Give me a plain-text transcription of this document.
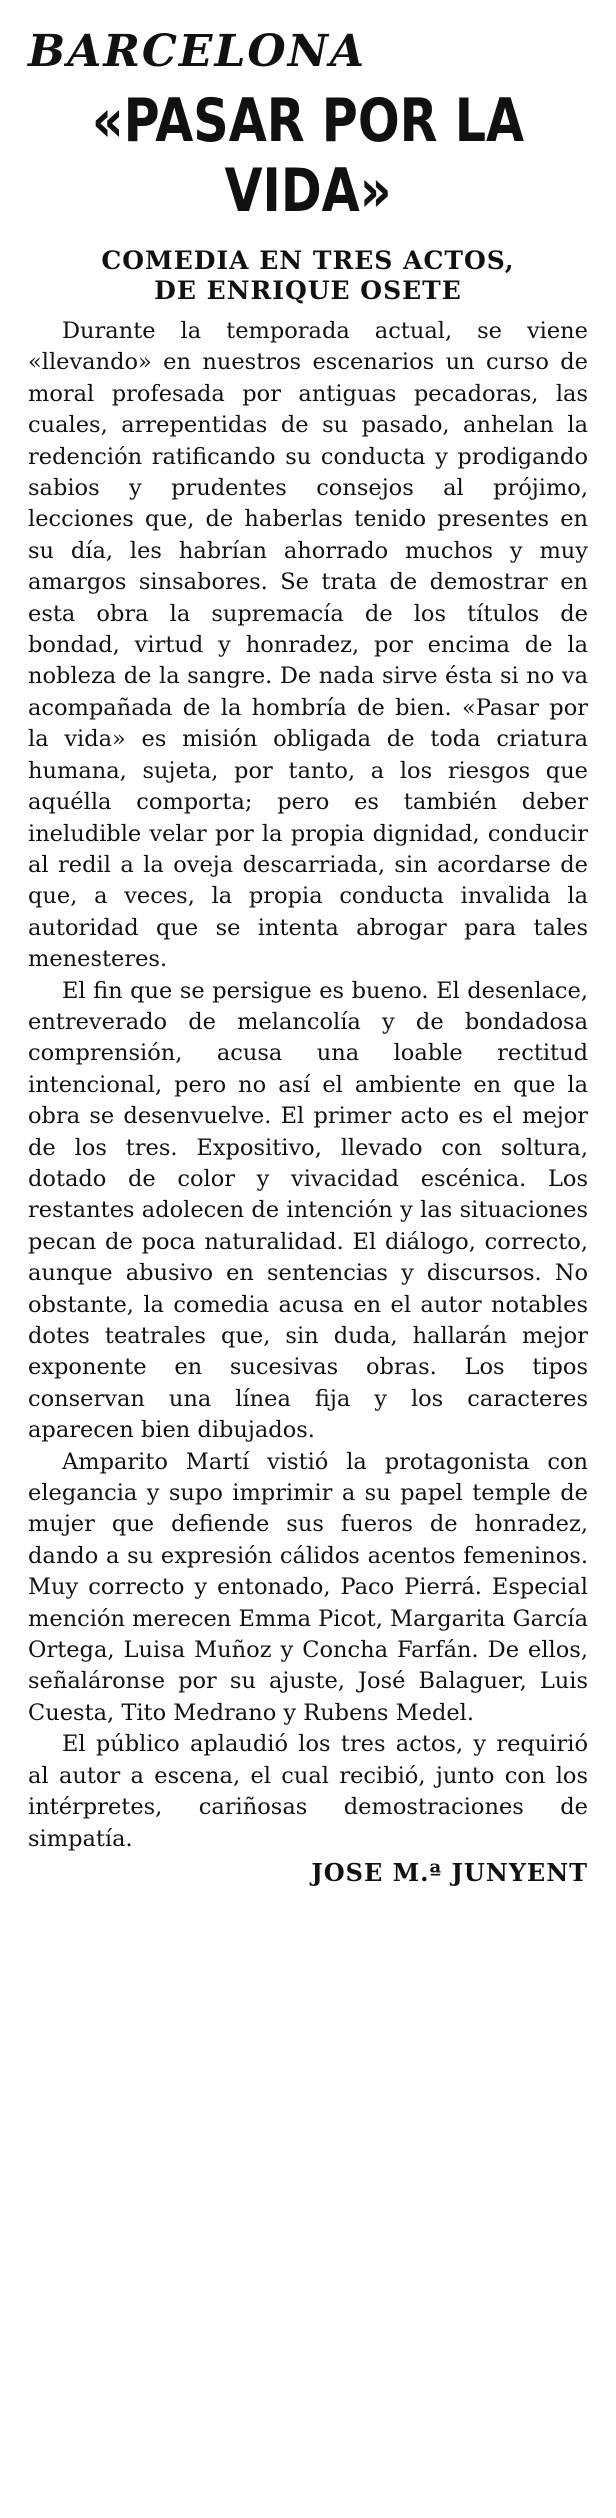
BARCELONA
«PASAR POR LA VIDA»
COMEDIA EN TRES ACTOS,
DE ENRIQUE OSETE

Durante la temporada actual, se viene «llevando» en nuestros escenarios un curso de moral profesada por antiguas pecadoras, las cuales, arrepentidas de su pasado, anhelan la redención ratificando su conducta y prodigando sabios y prudentes consejos al prójimo, lecciones que, de haberlas tenido presentes en su día, les habrían ahorrado muchos y muy amargos sinsabores. Se trata de demostrar en esta obra la supremacía de los títulos de bondad, virtud y honradez, por encima de la nobleza de la sangre. De nada sirve ésta si no va acompañada de la hombría de bien. «Pasar por la vida» es misión obligada de toda criatura humana, sujeta, por tanto, a los riesgos que aquélla comporta; pero es también deber ineludible velar por la propia dignidad, conducir al redil a la oveja descarriada, sin acordarse de que, a veces, la propia conducta invalida la autoridad que se intenta abrogar para tales menesteres.

El fin que se persigue es bueno. El desenlace, entreverado de melancolía y de bondadosa comprensión, acusa una loable rectitud intencional, pero no así el ambiente en que la obra se desenvuelve. El primer acto es el mejor de los tres. Expositivo, llevado con soltura, dotado de color y vivacidad escénica. Los restantes adolecen de intención y las situaciones pecan de poca naturalidad. El diálogo, correcto, aunque abusivo en sentencias y discursos. No obstante, la comedia acusa en el autor notables dotes teatrales que, sin duda, hallarán mejor exponente en sucesivas obras. Los tipos conservan una línea fija y los caracteres aparecen bien dibujados.

Amparito Martí vistió la protagonista con elegancia y supo imprimir a su papel temple de mujer que defiende sus fueros de honradez, dando a su expresión cálidos acentos femeninos. Muy correcto y entonado, Paco Pierrá. Especial mención merecen Emma Picot, Margarita García Ortega, Luisa Muñoz y Concha Farfán. De ellos, señaláronse por su ajuste, José Balaguer, Luis Cuesta, Tito Medrano y Rubens Medel.

El público aplaudió los tres actos, y requirió al autor a escena, el cual recibió, junto con los intérpretes, cariñosas demostraciones de simpatía.

JOSE M.ª JUNYENT
